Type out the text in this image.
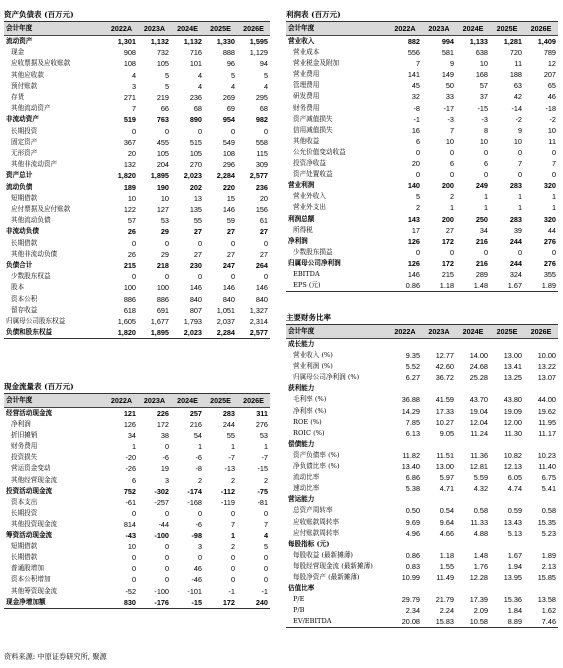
资产负债表 (百万元)
会计年度	2022A	2023A	2024E	2025E	2026E
流动资产	1,301	1,132	1,132	1,330	1,595
现金	908	732	716	888	1,129
应收票据及应收账款	108	105	101	96	94
其他应收款	4	5	4	5	5
预付账款	3	5	4	4	4
存货	271	219	236	269	295
其他流动资产	7	66	68	69	68
非流动资产	519	763	890	954	982
长期投资	0	0	0	0	0
固定资产	367	455	515	549	558
无形资产	20	105	105	108	115
其他非流动资产	132	204	270	296	309
资产总计	1,820	1,895	2,023	2,284	2,577
流动负债	189	190	202	220	236
短期借款	10	10	13	15	20
应付票据及应付账款	122	127	135	146	156
其他流动负债	57	53	55	59	61
非流动负债	26	29	27	27	27
长期借款	0	0	0	0	0
其他非流动负债	26	29	27	27	27
负债合计	215	218	230	247	264
少数股东权益	0	0	0	0	0
股本	100	100	146	146	146
资本公积	886	886	840	840	840
留存收益	618	691	807	1,051	1,327
归属母公司股东权益	1,605	1,677	1,793	2,037	2,314
负债和股东权益	1,820	1,895	2,023	2,284	2,577
现金流量表 (百万元)
会计年度	2022A	2023A	2024E	2025E	2026E
经营活动现金流	121	226	257	283	311
净利润	126	172	216	244	276
折旧摊销	34	38	54	55	53
财务费用	1	0	1	1	1
投资损失	-20	-6	-6	-7	-7
营运资金变动	-26	19	-8	-13	-15
其他经营现金流	6	3	2	2	2
投资活动现金流	752	-302	-174	-112	-75
资本支出	-61	-257	-168	-119	-81
长期投资	0	0	0	0	0
其他投资现金流	814	-44	-6	7	7
筹资活动现金流	-43	-100	-98	1	4
短期借款	10	0	3	2	5
长期借款	0	0	0	0	0
普通股增加	0	0	46	0	0
资本公积增加	0	0	-46	0	0
其他筹资现金流	-52	-100	-101	-1	-1
现金净增加额	830	-176	-15	172	240
利润表 (百万元)
会计年度	2022A	2023A	2024E	2025E	2026E
营业收入	882	994	1,133	1,281	1,409
营业成本	556	581	638	720	789
营业税金及附加	7	9	10	11	12
营业费用	141	149	168	188	207
管理费用	45	50	57	63	65
研发费用	32	33	37	42	46
财务费用	-8	-17	-15	-14	-18
资产减值损失	-1	-3	-3	-2	-2
信用减值损失	16	7	8	9	10
其他收益	6	10	10	10	11
公允价值变动收益	0	0	0	0	0
投资净收益	20	6	6	7	7
资产处置收益	0	0	0	0	0
营业利润	140	200	249	283	320
营业外收入	5	2	1	1	1
营业外支出	2	1	1	1	1
利润总额	143	200	250	283	320
所得税	17	27	34	39	44
净利润	126	172	216	244	276
少数股东损益	0	0	0	0	0
归属母公司净利润	126	172	216	244	276
EBITDA	146	215	289	324	355
EPS (元)	0.86	1.18	1.48	1.67	1.89
主要财务比率
会计年度	2022A	2023A	2024E	2025E	2026E
成长能力					
营业收入 (%)	9.35	12.77	14.00	13.00	10.00
营业利润 (%)	5.52	42.60	24.68	13.41	13.22
归属母公司净利润 (%)	6.27	36.72	25.28	13.25	13.07
获利能力					
毛利率 (%)	36.88	41.59	43.70	43.80	44.00
净利率 (%)	14.29	17.33	19.04	19.09	19.62
ROE (%)	7.85	10.27	12.04	12.00	11.95
ROIC (%)	6.13	9.05	11.24	11.30	11.17
偿债能力					
资产负债率 (%)	11.82	11.51	11.36	10.82	10.23
净负债比率 (%)	13.40	13.00	12.81	12.13	11.40
流动比率	6.86	5.97	5.59	6.05	6.75
速动比率	5.38	4.71	4.32	4.74	5.41
营运能力					
总资产周转率	0.50	0.54	0.58	0.59	0.58
应收账款周转率	9.69	9.64	11.33	13.43	15.35
应付账款周转率	4.96	4.66	4.88	5.13	5.23
每股指标 (元)					
每股收益 (最新摊薄)	0.86	1.18	1.48	1.67	1.89
每股经营现金流 (最新摊薄)	0.83	1.55	1.76	1.94	2.13
每股净资产 (最新摊薄)	10.99	11.49	12.28	13.95	15.85
估值比率					
P/E	29.79	21.79	17.39	15.36	13.58
P/B	2.34	2.24	2.09	1.84	1.62
EV/EBITDA	20.08	15.83	10.58	8.89	7.46
资料来源: 中原证券研究所, 聚源
